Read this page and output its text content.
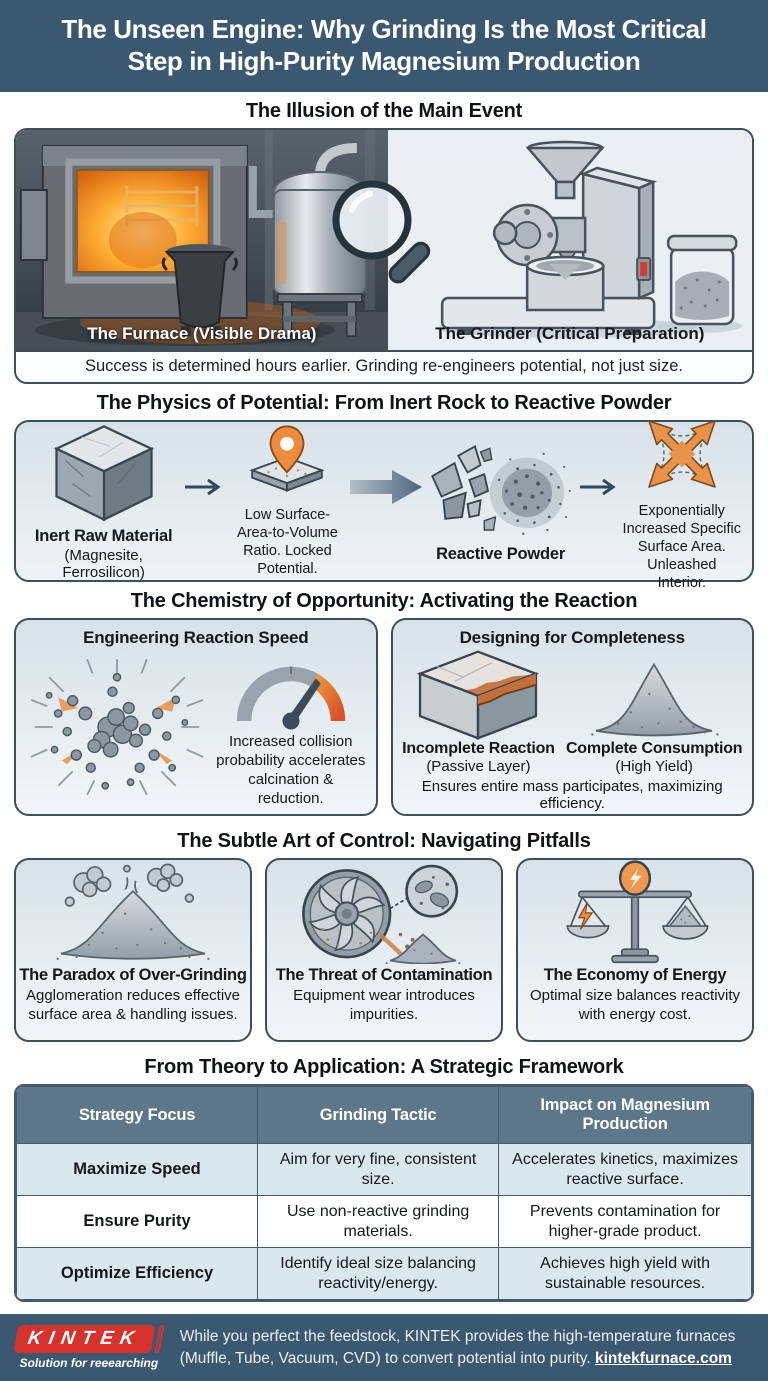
The Unseen Engine: Why Grinding Is the Most Critical Step in High-Purity Magnesium Production
The Illusion of the Main Event
The Furnace (Visible Drama)	The Grinder (Critical Preparation)
Success is determined hours earlier. Grinding re-engineers potential, not just size.
The Physics of Potential: From Inert Rock to Reactive Powder
Inert Raw Material
(Magnesite, Ferrosilicon)
Low Surface-Area-to-Volume Ratio. Locked Potential.
Reactive Powder
Exponentially Increased Specific Surface Area. Unleashed Interior.
The Chemistry of Opportunity: Activating the Reaction
Engineering Reaction Speed
Increased collision probability accelerates calcination & reduction.
Designing for Completeness
Incomplete Reaction
(Passive Layer)
Complete Consumption
(High Yield)
Ensures entire mass participates, maximizing efficiency.
The Subtle Art of Control: Navigating Pitfalls
The Paradox of Over-Grinding
Agglomeration reduces effective surface area & handling issues.
The Threat of Contamination
Equipment wear introduces impurities.
The Economy of Energy
Optimal size balances reactivity with energy cost.
From Theory to Application: A Strategic Framework
Strategy Focus	Grinding Tactic	Impact on Magnesium Production
Maximize Speed	Aim for very fine, consistent size.	Accelerates kinetics, maximizes reactive surface.
Ensure Purity	Use non-reactive grinding materials.	Prevents contamination for higher-grade product.
Optimize Efficiency	Identify ideal size balancing reactivity/energy.	Achieves high yield with sustainable resources.
KINTEK
Solution for reeearching
While you perfect the feedstock, KINTEK provides the high-temperature furnaces (Muffle, Tube, Vacuum, CVD) to convert potential into purity. kintekfurnace.com
